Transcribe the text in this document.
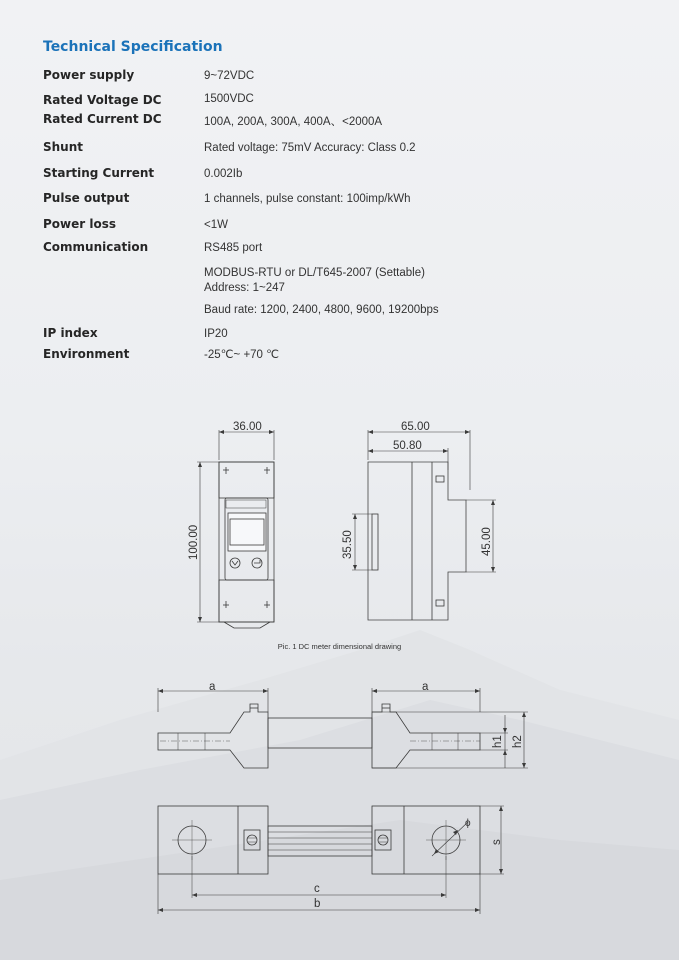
Technical Specification
Power supply	9~72VDC
Rated Voltage DC	1500VDC
Rated Current DC	100A, 200A, 300A, 400A、<2000A
Shunt	Rated voltage: 75mV Accuracy: Class 0.2
Starting Current	0.002Ib
Pulse output	1 channels, pulse constant: 100imp/kWh
Power loss	<1W
Communication	RS485 port
MODBUS-RTU or DL/T645-2007 (Settable)
Address: 1~247
Baud rate: 1200, 2400, 4800, 9600, 19200bps
IP index	IP20
Environment	-25℃~ +70 ℃
36.00
100.00
65.00
50.80
35.50	45.00
Pic. 1 DC meter dimensional drawing
a	a
h1 h2
s
c
b
ϕ
